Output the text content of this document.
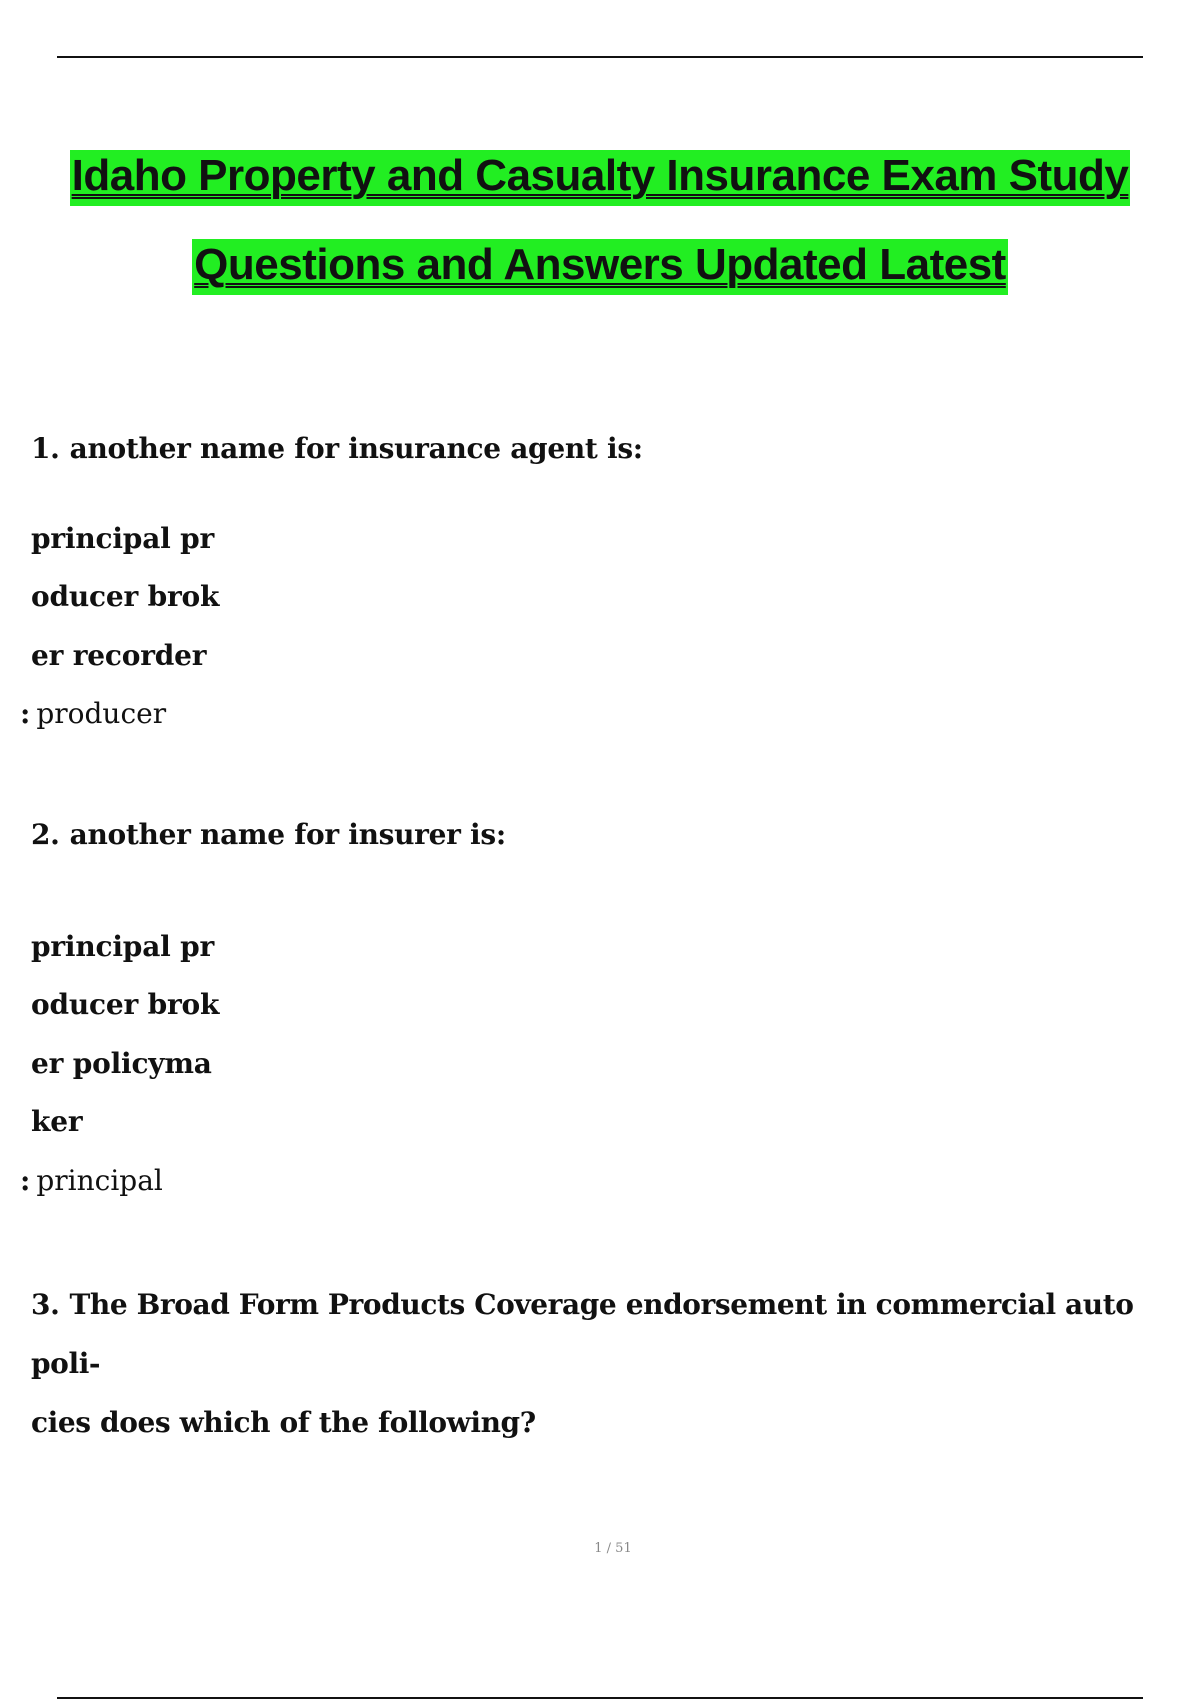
Idaho Property and Casualty Insurance Exam Study
Questions and Answers Updated Latest

1. another name for insurance agent is:

principal pr

oducer brok

er recorder

: producer

2. another name for insurer is:

principal pr

oducer brok

er policyma

ker

: principal

3. The Broad Form Products Coverage endorsement in commercial auto poli-
cies does which of the following?
1 / 51
